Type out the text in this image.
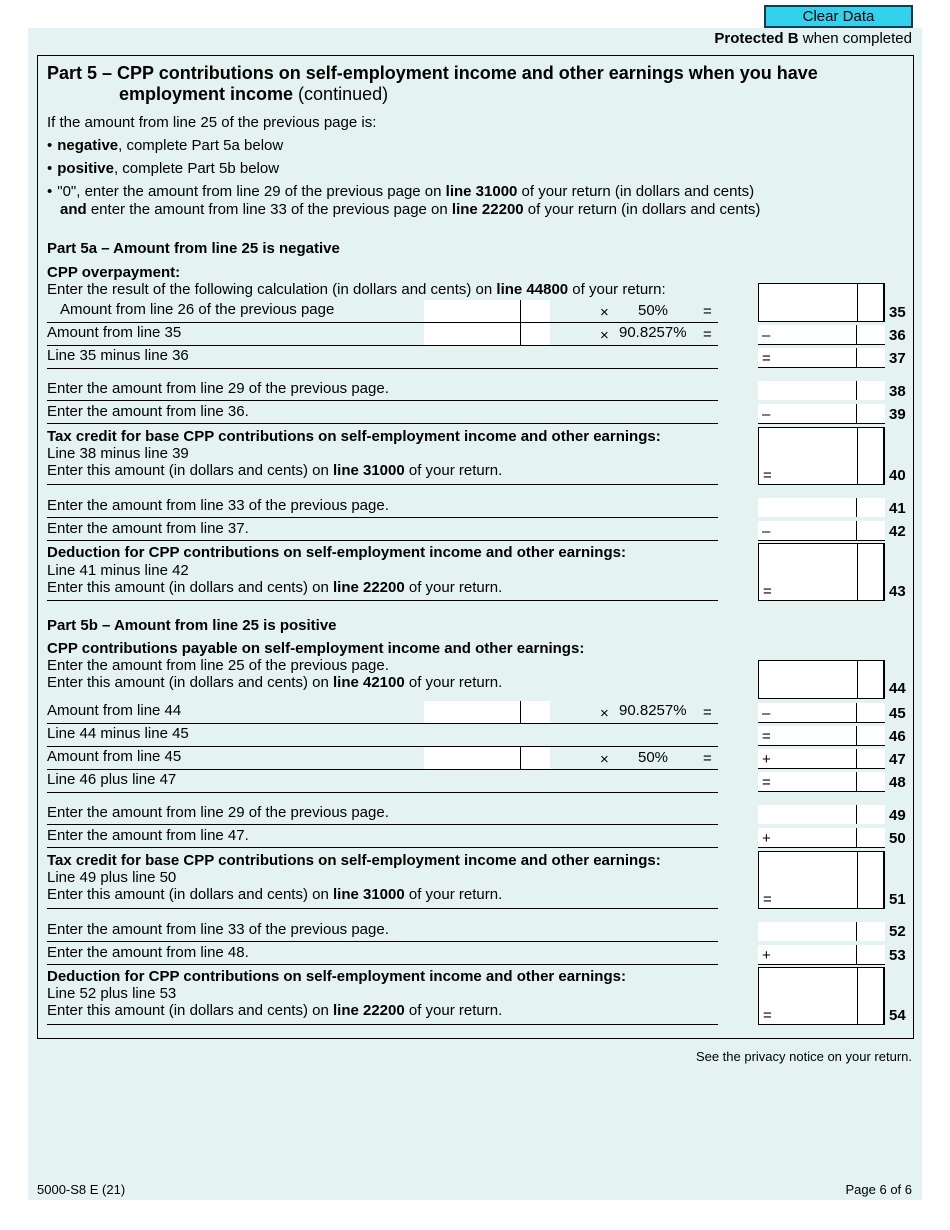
Clear Data
Protected B when completed
Part 5 – CPP contributions on self-employment income and other earnings when you have
employment income (continued)
If the amount from line 25 of the previous page is:
• negative, complete Part 5a below
• positive, complete Part 5b below
• "0", enter the amount from line 29 of the previous page on line 31000 of your return (in dollars and cents)
and enter the amount from line 33 of the previous page on line 22200 of your return (in dollars and cents)
Part 5a – Amount from line 25 is negative
CPP overpayment:
Enter the result of the following calculation (in dollars and cents) on line 44800 of your return:
Amount from line 26 of the previous page	× 50% =	35
Amount from line 35	× 90.8257% =	–	36
Line 35 minus line 36	=	37
Enter the amount from line 29 of the previous page.	38
Enter the amount from line 36.	–	39
Tax credit for base CPP contributions on self-employment income and other earnings:
Line 38 minus line 39
Enter this amount (in dollars and cents) on line 31000 of your return.	=	40
Enter the amount from line 33 of the previous page.	41
Enter the amount from line 37.	–	42
Deduction for CPP contributions on self-employment income and other earnings:
Line 41 minus line 42
Enter this amount (in dollars and cents) on line 22200 of your return.	=	43
Part 5b – Amount from line 25 is positive
CPP contributions payable on self-employment income and other earnings:
Enter the amount from line 25 of the previous page.
Enter this amount (in dollars and cents) on line 42100 of your return.	44
Amount from line 44	× 90.8257% =	–	45
Line 44 minus line 45	=	46
Amount from line 45	× 50% =	+	47
Line 46 plus line 47	=	48
Enter the amount from line 29 of the previous page.	49
Enter the amount from line 47.	+	50
Tax credit for base CPP contributions on self-employment income and other earnings:
Line 49 plus line 50
Enter this amount (in dollars and cents) on line 31000 of your return.	=	51
Enter the amount from line 33 of the previous page.	52
Enter the amount from line 48.	+	53
Deduction for CPP contributions on self-employment income and other earnings:
Line 52 plus line 53
Enter this amount (in dollars and cents) on line 22200 of your return.	=	54
See the privacy notice on your return.
5000-S8 E (21)	Page 6 of 6
